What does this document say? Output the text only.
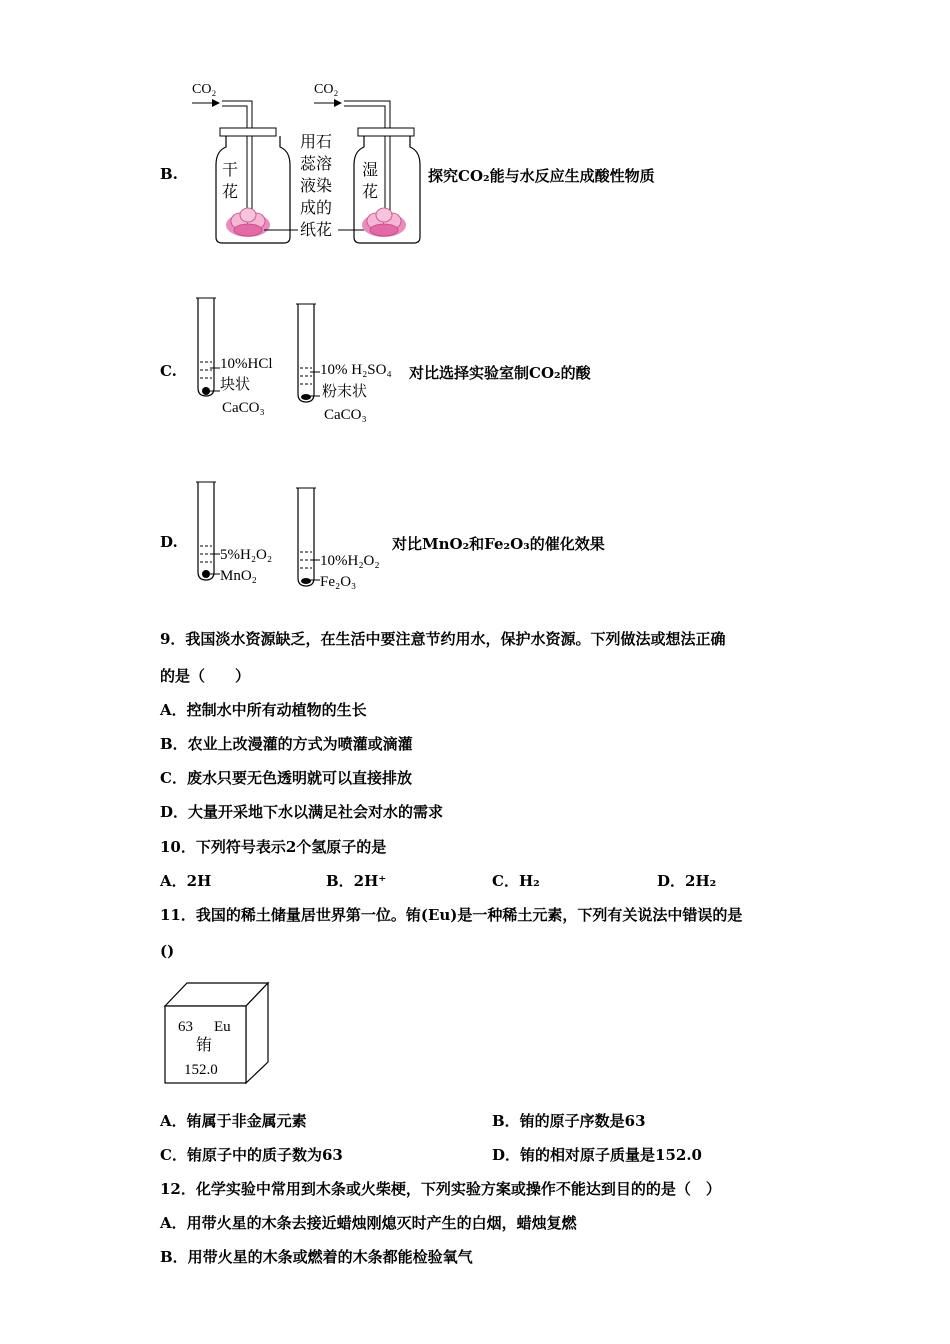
B.
CO₂
干
花
用石
蕊溶
液染
成的
纸花
CO₂
湿
花
探究CO₂能与水反应生成酸性物质
C.	10%HCl
块状
CaCO₃
10% H₂SO₄
粉末状
CaCO₃
对比选择实验室制CO₂的酸
D.
5%H₂O₂
MnO₂
10%H₂O₂
Fe₂O₃
对比MnO₂和Fe₂O₃的催化效果
9．我国淡水资源缺乏，在生活中要注意节约用水，保护水资源。下列做法或想法正确
的是（　　）
A．控制水中所有动植物的生长
B．农业上改漫灌的方式为喷灌或滴灌
C．废水只要无色透明就可以直接排放
D．大量开采地下水以满足社会对水的需求
10．下列符号表示2个氢原子的是
A．2H	B．2H⁺	C．H₂	D．2H₂
11．我国的稀土储量居世界第一位。铕(Eu)是一种稀土元素，下列有关说法中错误的是
()
63 Eu
铕
152.0
A．铕属于非金属元素	B．铕的原子序数是63
C．铕原子中的质子数为63	D．铕的相对原子质量是152.0
12．化学实验中常用到木条或火柴梗，下列实验方案或操作不能达到目的的是（　）
A．用带火星的木条去接近蜡烛刚熄灭时产生的白烟，蜡烛复燃
B．用带火星的木条或燃着的木条都能检验氧气
